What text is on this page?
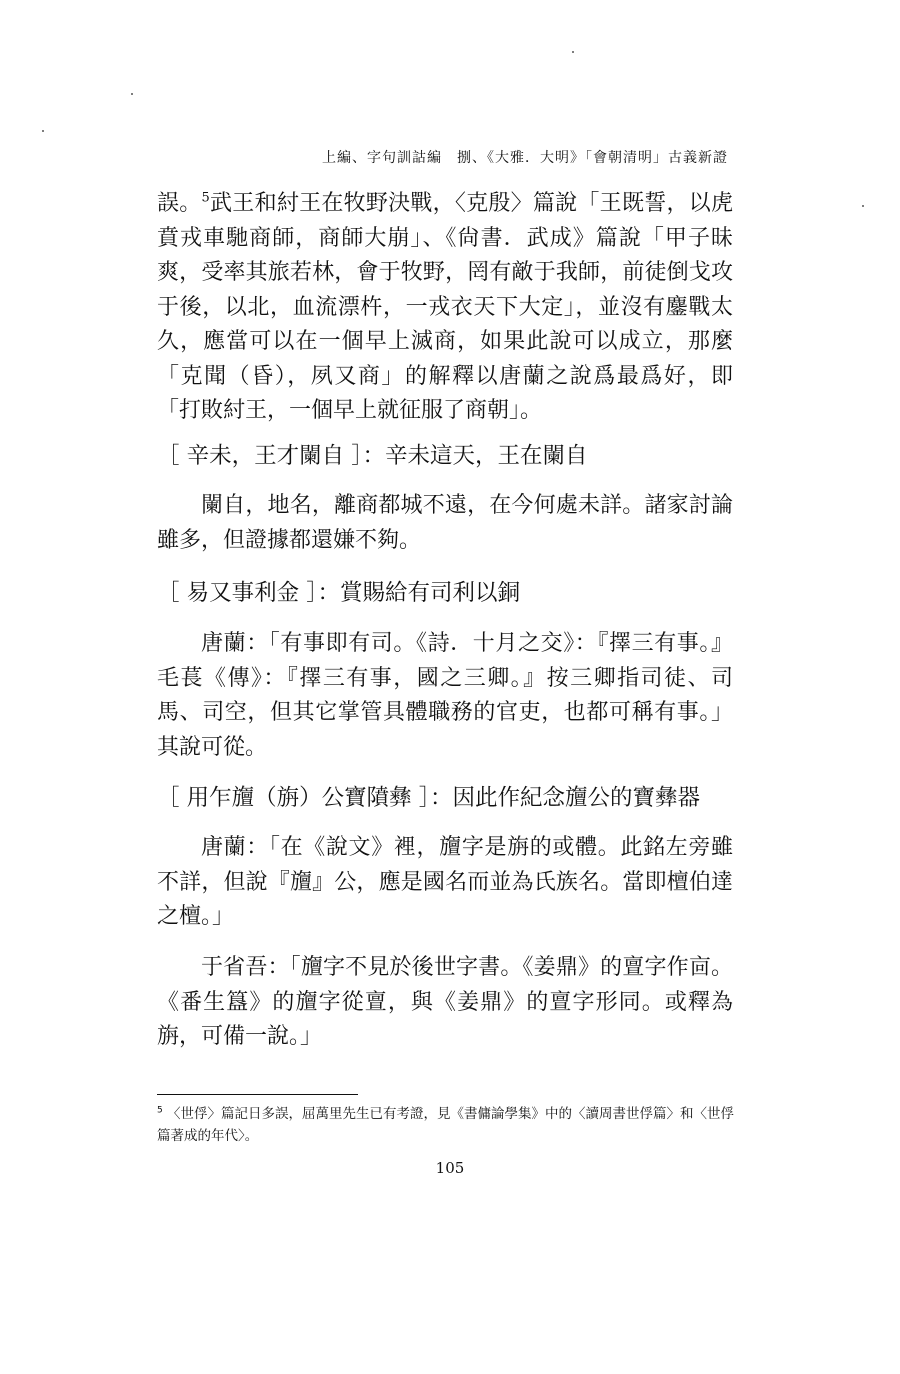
上編、字句訓詁編　捌、《大雅．大明》「會朝清明」古義新證
誤。$^5$武王和紂王在牧野決戰，〈克殷〉篇說「王既誓，以虎賁戎車馳商師，商師大崩」、《尙書．武成》篇說「甲子昧爽，受率其旅若林，會于牧野，罔有敵于我師，前徒倒戈攻于後，以北，血流漂杵，一戎衣天下大定」，並沒有鏖戰太久，應當可以在一個早上滅商，如果此說可以成立，那麼「克聞（昏），夙又商」的解釋以唐蘭之說爲最爲好，即「打敗紂王，一個早上就征服了商朝」。
［ 辛未，王才闌自 ］：辛未這天，王在闌自
闌自，地名，離商都城不遠，在今何處未詳。諸家討論雖多，但證據都還嫌不夠。
［ 易又事利金 ］：賞賜給有司利以銅
唐蘭：「有事即有司。《詩．十月之交》：『擇三有事。』毛萇《傳》：『擇三有事，國之三卿。』按三卿指司徒、司馬、司空，但其它掌管具體職務的官吏，也都可稱有事。」其說可從。
［ 用乍旜（旃）公寶隫彝 ］：因此作紀念旜公的寶彝器
唐蘭：「在《說文》裡，旜字是旃的或體。此銘左旁雖不詳，但說『旜』公，應是國名而並為氏族名。當即檀伯達之檀。」
于省吾：「旜字不見於後世字書。《姜鼎》的亶字作㐭。《番生簋》的旜字從亶，與《姜鼎》的亶字形同。或釋為旃，可備一說。」
$^5$ 〈世俘〉篇記日多誤，屈萬里先生已有考證，見《書傭論學集》中的〈讀周書世俘篇〉和〈世俘篇著成的年代〉。
105
